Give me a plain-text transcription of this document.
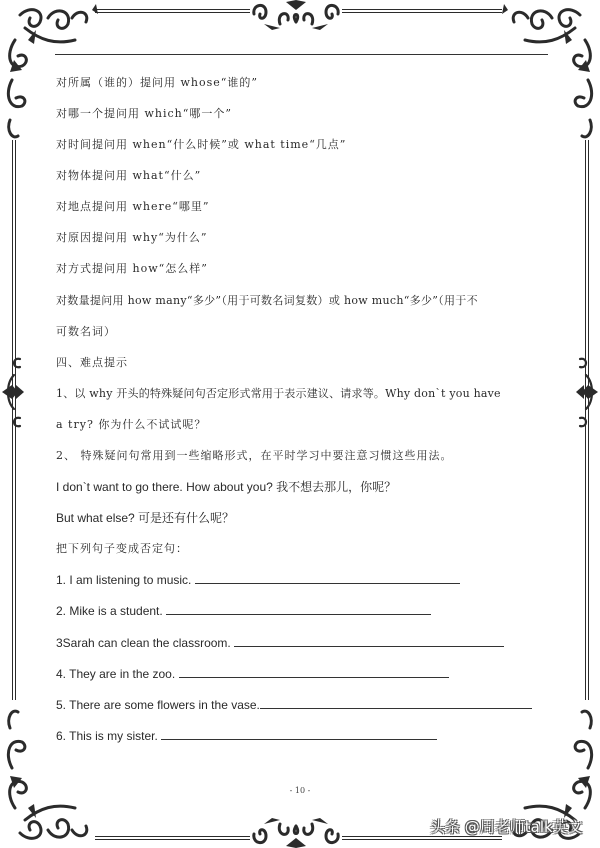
对所属（谁的）提问用 whose“谁的”
对哪一个提问用 which“哪一个”
对时间提问用 when“什么时候”或 what time“几点”
对物体提问用 what“什么”
对地点提问用 where“哪里”
对原因提问用 why“为什么”
对方式提问用 how“怎么样”
对数量提问用 how many“多少”（用于可数名词复数）或 how much“多少”（用于不
可数名词）
四、难点提示
1、以 why 开头的特殊疑问句否定形式常用于表示建议、请求等。Why don`t you have
a try? 你为什么不试试呢？
2、 特殊疑问句常用到一些缩略形式，在平时学习中要注意习惯这些用法。
I don`t want to go there. How about you? 我不想去那儿，你呢？
But what else? 可是还有什么呢？
把下列句子变成否定句：
1. I am listening to music.
2. Mike is a student.
3Sarah can clean the classroom.
4. They are in the zoo.
5. There are some flowers in the vase.
6. This is my sister.
- 10 -
头条 @周老师talk英文
